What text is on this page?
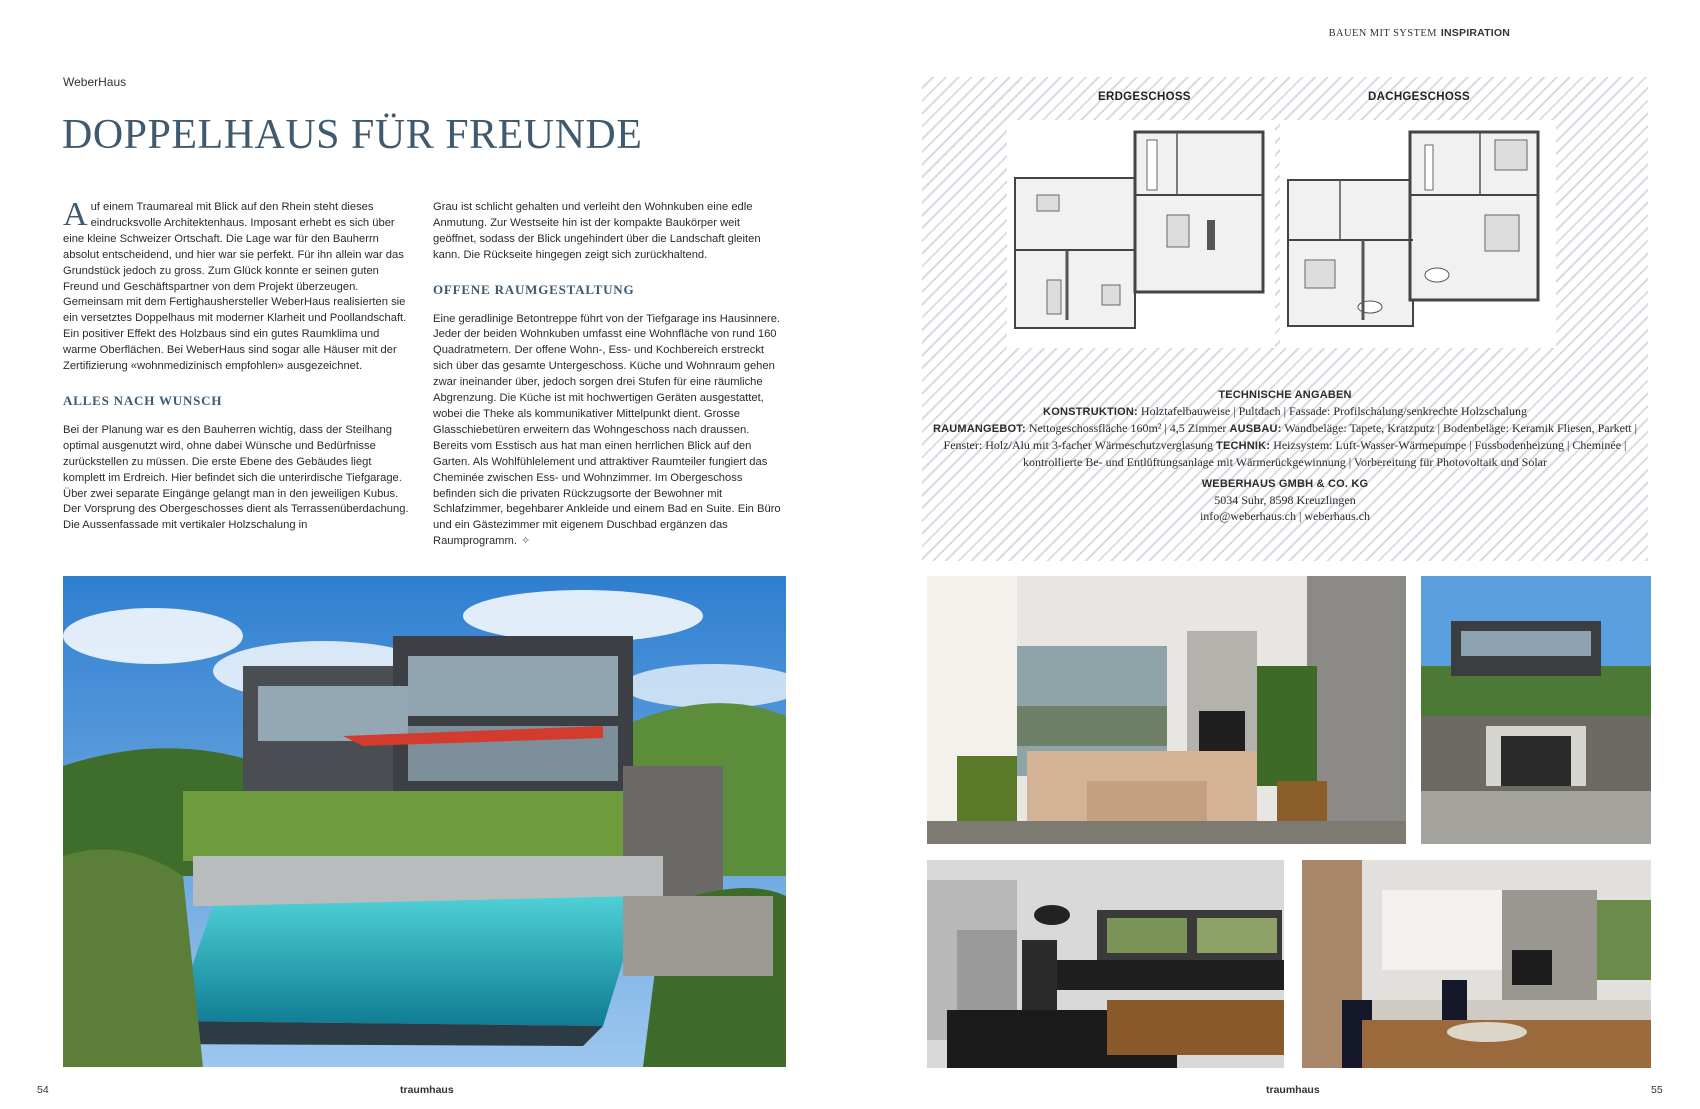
BAUEN MIT SYSTEM INSPIRATION
WeberHaus
DOPPELHAUS FÜR FREUNDE

Auf einem Traumareal mit Blick auf den Rhein steht dieses eindrucksvolle Architektenhaus. Imposant erhebt es sich über eine kleine Schweizer Ortschaft. Die Lage war für den Bauherrn absolut entscheidend, und hier war sie perfekt. Für ihn allein war das Grundstück jedoch zu gross. Zum Glück konnte er seinen guten Freund und Geschäftspartner von dem Projekt überzeugen. Gemeinsam mit dem Fertighaushersteller WeberHaus realisierten sie ein versetztes Doppelhaus mit moderner Klarheit und Poollandschaft. Ein positiver Effekt des Holzbaus sind ein gutes Raumklima und warme Oberflächen. Bei WeberHaus sind sogar alle Häuser mit der Zertifizierung «wohnmedizinisch empfohlen» ausgezeichnet.

ALLES NACH WUNSCH

Bei der Planung war es den Bauherren wichtig, dass der Steilhang optimal ausgenutzt wird, ohne dabei Wünsche und Bedürfnisse zurückstellen zu müssen. Die erste Ebene des Gebäudes liegt komplett im Erdreich. Hier befindet sich die unterirdische Tiefgarage. Über zwei separate Eingänge gelangt man in den jeweiligen Kubus. Der Vorsprung des Obergeschosses dient als Terrassenüberdachung. Die Aussenfassade mit vertikaler Holzschalung in

Grau ist schlicht gehalten und verleiht den Wohnkuben eine edle Anmutung. Zur Westseite hin ist der kompakte Baukörper weit geöffnet, sodass der Blick ungehindert über die Landschaft gleiten kann. Die Rückseite hingegen zeigt sich zurückhaltend.

OFFENE RAUMGESTALTUNG

Eine geradlinige Betontreppe führt von der Tiefgarage ins Hausinnere. Jeder der beiden Wohnkuben umfasst eine Wohnfläche von rund 160 Quadratmetern. Der offene Wohn-, Ess- und Kochbereich erstreckt sich über das gesamte Untergeschoss. Küche und Wohnraum gehen zwar ineinander über, jedoch sorgen drei Stufen für eine räumliche Abgrenzung. Die Küche ist mit hochwertigen Geräten ausgestattet, wobei die Theke als kommunikativer Mittelpunkt dient. Grosse Glasschiebetüren erweitern das Wohngeschoss nach draussen. Bereits vom Esstisch aus hat man einen herrlichen Blick auf den Garten. Als Wohlfühlelement und attraktiver Raumteiler fungiert das Cheminée zwischen Ess- und Wohnzimmer. Im Obergeschoss befinden sich die privaten Rückzugsorte der Bewohner mit Schlafzimmer, begehbarer Ankleide und einem Bad en Suite. Ein Büro und ein Gästezimmer mit eigenem Duschbad ergänzen das Raumprogramm. ✧

ERDGESCHOSS	DACHGESCHOSS
TECHNISCHE ANGABEN
KONSTRUKTION: Holztafelbauweise | Pultdach | Fassade: Profilschalung/senkrechte Holzschalung
RAUMANGEBOT: Nettogeschossfläche 160m² | 4,5 Zimmer AUSBAU: Wandbeläge: Tapete, Kratzputz | Bodenbeläge: Keramik Fliesen, Parkett | Fenster: Holz/Alu mit 3-facher Wärmeschutzverglasung TECHNIK: Heizsystem: Luft-Wasser-Wärmepumpe | Fussbodenheizung | Cheminée | kontrollierte Be- und Entlüftungsanlage mit Wärmerückgewinnung | Vorbereitung für Photovoltaik und Solar
WEBERHAUS GMBH & CO. KG
5034 Suhr, 8598 Kreuzlingen
info@weberhaus.ch | weberhaus.ch
54	traumhaus	traumhaus	55
